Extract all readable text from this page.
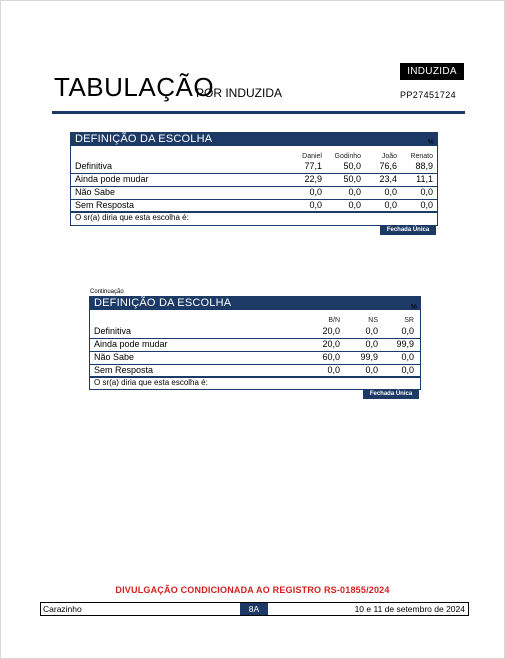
TABULAÇÃO
POR INDUZIDA
INDUZIDA
PP27451724
DEFINIÇÃO DA ESCOLHA	%
Daniel	Godinho	João	Renato
Definitiva	77,1	50,0	76,6	88,9
Ainda pode mudar	22,9	50,0	23,4	11,1
Não Sabe	0,0	0,0	0,0	0,0
Sem Resposta	0,0	0,0	0,0	0,0
O sr(a) diria que esta escolha é:
Fechada Única
Continuação
DEFINIÇÃO DA ESCOLHA	%
B/N	NS	SR
Definitiva	20,0	0,0	0,0
Ainda pode mudar	20,0	0,0	99,9
Não Sabe	60,0	99,9	0,0
Sem Resposta	0,0	0,0	0,0
O sr(a) diria que esta escolha é:
Fechada Única
DIVULGAÇÃO CONDICIONADA AO REGISTRO RS-01855/2024
Carazinho	8A	10 e 11 de setembro de 2024
